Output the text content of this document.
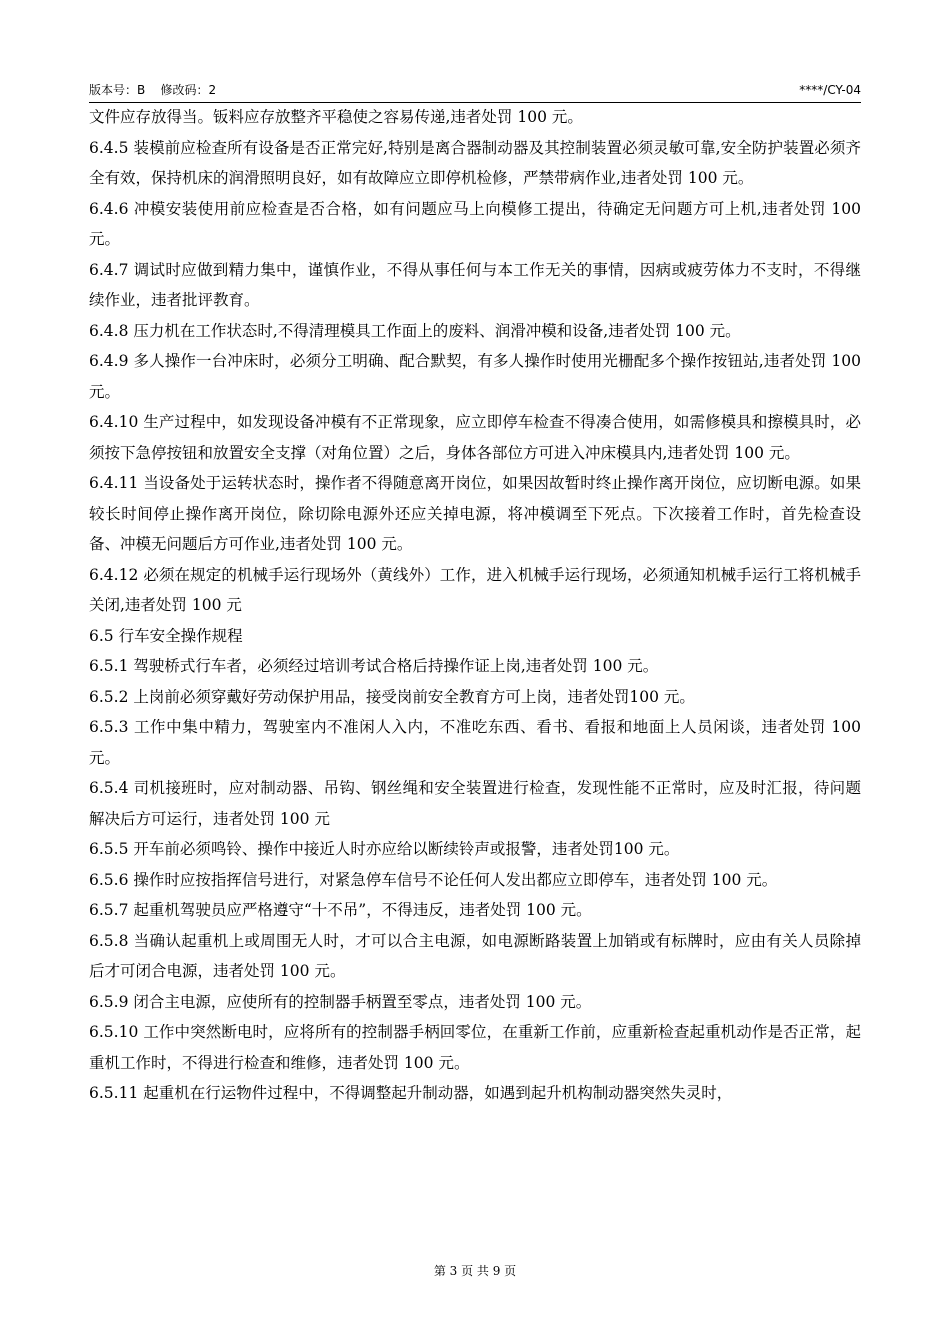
版本号：B    修改码：2	****/CY-04

文件应存放得当。钣料应存放整齐平稳使之容易传递,违者处罚 100 元。

6.4.5 装模前应检查所有设备是否正常完好,特别是离合器制动器及其控制装置必须灵敏可靠,安全防护装置必须齐全有效，保持机床的润滑照明良好，如有故障应立即停机检修，严禁带病作业,违者处罚 100 元。

6.4.6 冲模安装使用前应检查是否合格，如有问题应马上向模修工提出，待确定无问题方可上机,违者处罚 100 元。

6.4.7 调试时应做到精力集中，谨慎作业，不得从事任何与本工作无关的事情，因病或疲劳体力不支时，不得继续作业，违者批评教育。

6.4.8 压力机在工作状态时,不得清理模具工作面上的废料、润滑冲模和设备,违者处罚 100 元。

6.4.9 多人操作一台冲床时，必须分工明确、配合默契，有多人操作时使用光栅配多个操作按钮站,违者处罚 100 元。

6.4.10 生产过程中，如发现设备冲模有不正常现象，应立即停车检查不得凑合使用，如需修模具和擦模具时，必须按下急停按钮和放置安全支撑（对角位置）之后，身体各部位方可进入冲床模具内,违者处罚 100 元。

6.4.11 当设备处于运转状态时，操作者不得随意离开岗位，如果因故暂时终止操作离开岗位，应切断电源。如果较长时间停止操作离开岗位，除切除电源外还应关掉电源，将冲模调至下死点。下次接着工作时，首先检查设备、冲模无问题后方可作业,违者处罚 100 元。

6.4.12 必须在规定的机械手运行现场外（黄线外）工作，进入机械手运行现场，必须通知机械手运行工将机械手关闭,违者处罚 100 元

6.5 行车安全操作规程

6.5.1 驾驶桥式行车者，必须经过培训考试合格后持操作证上岗,违者处罚 100 元。

6.5.2 上岗前必须穿戴好劳动保护用品，接受岗前安全教育方可上岗，违者处罚100 元。

6.5.3 工作中集中精力，驾驶室内不准闲人入内，不准吃东西、看书、看报和地面上人员闲谈，违者处罚 100 元。

6.5.4 司机接班时，应对制动器、吊钩、钢丝绳和安全装置进行检查，发现性能不正常时，应及时汇报，待问题解决后方可运行，违者处罚 100 元

6.5.5 开车前必须鸣铃、操作中接近人时亦应给以断续铃声或报警，违者处罚100 元。

6.5.6 操作时应按指挥信号进行，对紧急停车信号不论任何人发出都应立即停车，违者处罚 100 元。

6.5.7 起重机驾驶员应严格遵守“十不吊”，不得违反，违者处罚 100 元。

6.5.8 当确认起重机上或周围无人时，才可以合主电源，如电源断路装置上加销或有标牌时，应由有关人员除掉后才可闭合电源，违者处罚 100 元。

6.5.9 闭合主电源，应使所有的控制器手柄置至零点，违者处罚 100 元。

6.5.10 工作中突然断电时，应将所有的控制器手柄回零位，在重新工作前，应重新检查起重机动作是否正常，起重机工作时，不得进行检查和维修，违者处罚 100 元。

6.5.11 起重机在行运物件过程中，不得调整起升制动器，如遇到起升机构制动器突然失灵时，

第 3 页 共 9 页
